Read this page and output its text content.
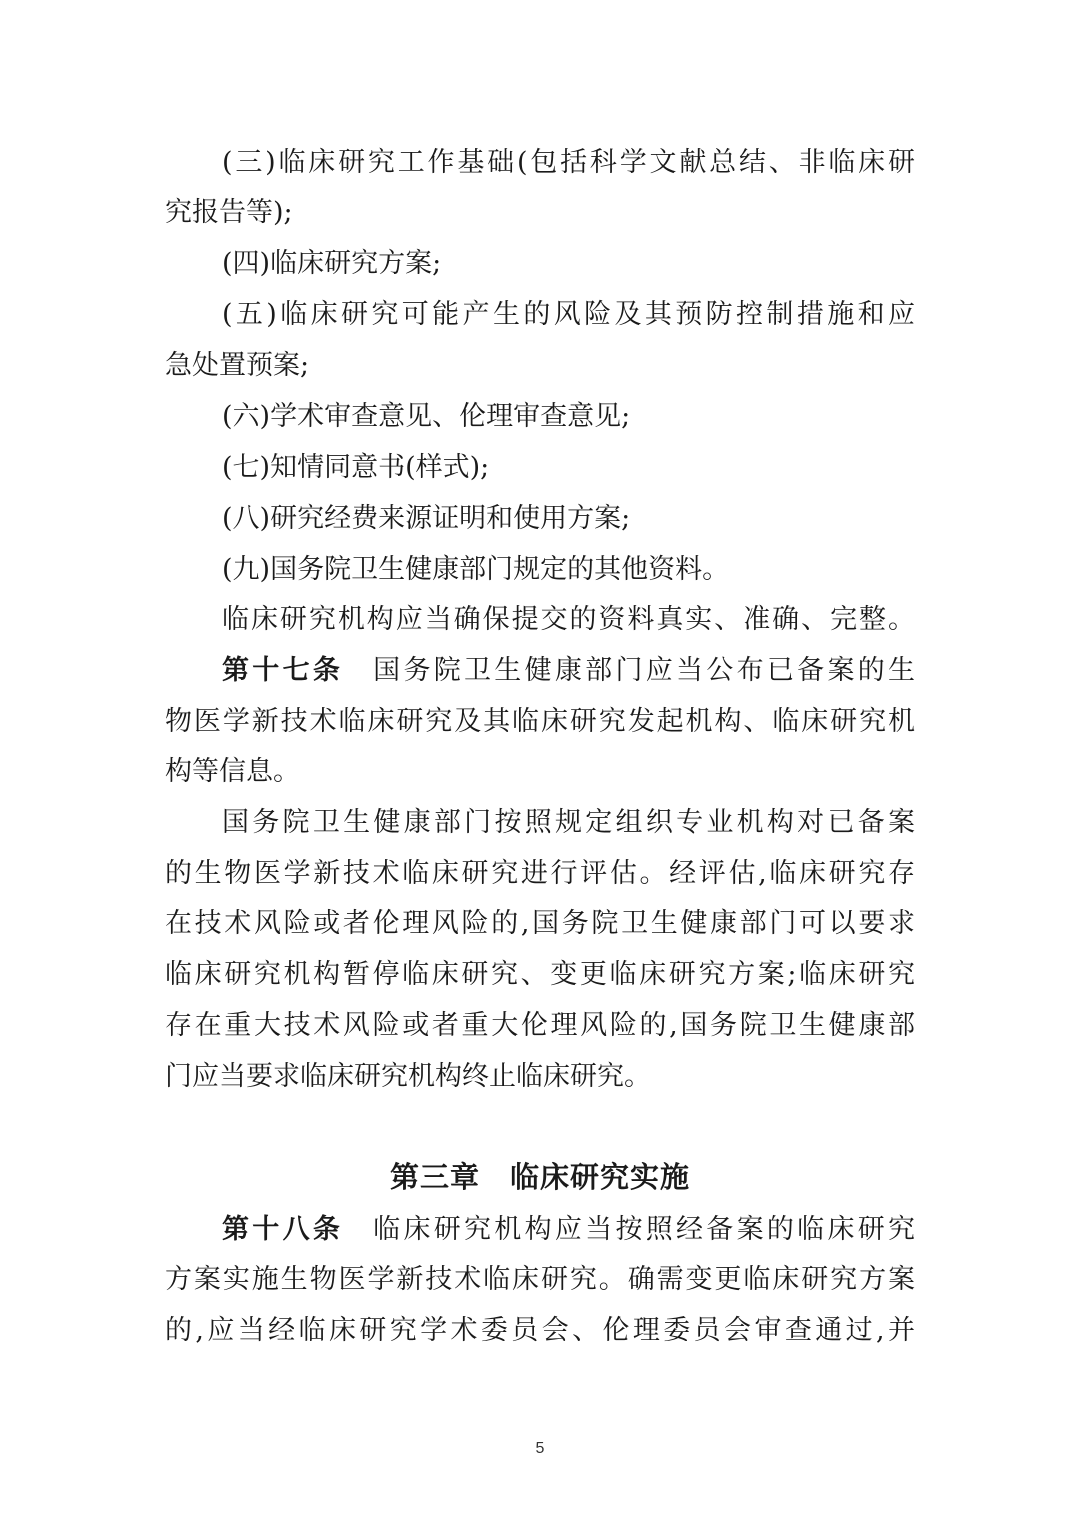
(三)临床研究工作基础(包括科学文献总结、非临床研
究报告等);
(四)临床研究方案;
(五)临床研究可能产生的风险及其预防控制措施和应
急处置预案;
(六)学术审查意见、伦理审查意见;
(七)知情同意书(样式);
(八)研究经费来源证明和使用方案;
(九)国务院卫生健康部门规定的其他资料。
临床研究机构应当确保提交的资料真实、准确、完整。
第十七条 国务院卫生健康部门应当公布已备案的生
物医学新技术临床研究及其临床研究发起机构、临床研究机
构等信息。
国务院卫生健康部门按照规定组织专业机构对已备案
的生物医学新技术临床研究进行评估。经评估,临床研究存
在技术风险或者伦理风险的,国务院卫生健康部门可以要求
临床研究机构暂停临床研究、变更临床研究方案;临床研究
存在重大技术风险或者重大伦理风险的,国务院卫生健康部
门应当要求临床研究机构终止临床研究。
第三章　临床研究实施
第十八条 临床研究机构应当按照经备案的临床研究
方案实施生物医学新技术临床研究。确需变更临床研究方案
的,应当经临床研究学术委员会、伦理委员会审查通过,并
5
